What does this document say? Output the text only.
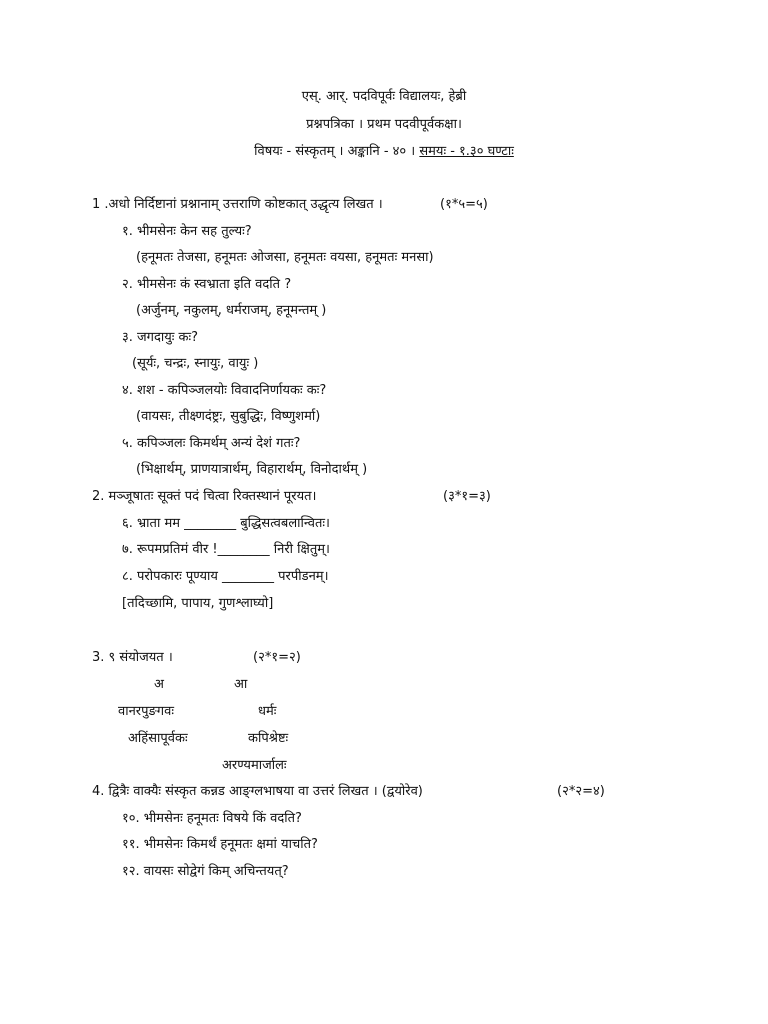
एस्. आर्. पदविपूर्वः विद्यालयः, हेब्री
प्रश्नपत्रिका । प्रथम पदवीपूर्वकक्षा।
विषयः - संस्कृतम् । अङ्कानि - ४० । समयः - १.३० घण्टाः
1 .अधो निर्दिष्टानां प्रश्नानाम् उत्तराणि कोष्टकात् उद्धृत्य लिखत ।	(१*५=५)
१. भीमसेनः केन सह तुल्यः?
(हनूमतः तेजसा, हनूमतः ओजसा, हनूमतः वयसा, हनूमतः मनसा)
२. भीमसेनः कं स्वभ्राता इति वदति ?
(अर्जुनम्, नकुलम्, धर्मराजम्, हनूमन्तम् )
३. जगदायुः कः?
(सूर्यः, चन्द्रः, स्नायुः, वायुः )
४. शश - कपिञ्जलयोः विवादनिर्णायकः कः?
(वायसः, तीक्ष्णदंष्ट्रः, सुबुद्धिः, विष्णुशर्मा)
५. कपिञ्जलः किमर्थम् अन्यं देशं गतः?
(भिक्षार्थम्, प्राणयात्रार्थम्, विहारार्थम्, विनोदार्थम् )
2. मञ्जूषातः सूक्तं पदं चित्वा रिक्तस्थानं पूरयत।	(३*१=३)
६. भ्राता मम ________ बुद्धिसत्वबलान्वितः।
७. रूपमप्रतिमं वीर !________ निरी क्षितुम्।
८. परोपकारः पूण्याय ________ परपीडनम्।
[तदिच्छामि, पापाय, गुणश्लाघ्यो]
3. ९ संयोजयत ।	(२*१=२)
अ	आ
वानरपुङगवः	धर्मः
अहिंसापूर्वकः	कपिश्रेष्टः
अरण्यमार्जालः
4. द्वित्रैः वाक्यैः संस्कृत कन्नड आङ्ग्लभाषया वा उत्तरं लिखत । (द्वयोरेव)	(२*२=४)
१०. भीमसेनः हनूमतः विषये किं वदति?
११. भीमसेनः किमर्थं हनूमतः क्षमां याचति?
१२. वायसः सोद्वेगं किम् अचिन्तयत्?
